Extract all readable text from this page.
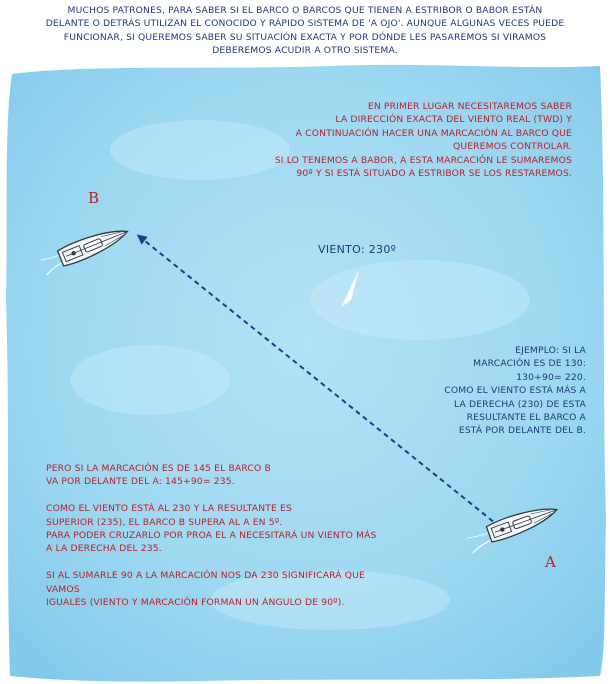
MUCHOS PATRONES, PARA SABER SI EL BARCO O BARCOS QUE TIENEN A ESTRIBOR O BABOR ESTÁN
DELANTE O DETRÁS UTILIZAN EL CONOCIDO Y RÁPIDO SISTEMA DE 'A OJO'. AUNQUE ALGUNAS VECES PUEDE
FUNCIONAR, SI QUEREMOS SABER SU SITUACIÓN EXACTA Y POR DÓNDE LES PASAREMOS SI VIRAMOS
DEBEREMOS ACUDIR A OTRO SISTEMA.
B
A
EN PRIMER LUGAR NECESITAREMOS SABER
LA DIRECCIÓN EXACTA DEL VIENTO REAL (TWD) Y
A CONTINUACIÓN HACER UNA MARCACIÓN AL BARCO QUE
QUEREMOS CONTROLAR.
SI LO TENEMOS A BABOR, A ESTA MARCACIÓN LE SUMAREMOS
90º Y SI ESTÁ SITUADO A ESTRIBOR SE LOS RESTAREMOS.
VIENTO: 230º
EJEMPLO: SI LA
MARCACIÓN ES DE 130:
130+90= 220.
COMO EL VIENTO ESTÁ MÁS A
LA DERECHA (230) DE ESTA
RESULTANTE EL BARCO A
ESTÁ POR DELANTE DEL B.
PERO SI LA MARCACIÓN ES DE 145 EL BARCO B
VA POR DELANTE DEL A: 145+90= 235.
COMO EL VIENTO ESTÁ AL 230 Y LA RESULTANTE ES
SUPERIOR (235), EL BARCO B SUPERA AL A EN 5º.
PARA PODER CRUZARLO POR PROA EL A NECESITARÁ UN VIENTO MÁS
A LA DERECHA DEL 235.
SI AL SUMARLE 90 A LA MARCACIÓN NOS DA 230 SIGNIFICARÁ QUE VAMOS
IGUALES (VIENTO Y MARCACIÓN FORMAN UN ÁNGULO DE 90º).
